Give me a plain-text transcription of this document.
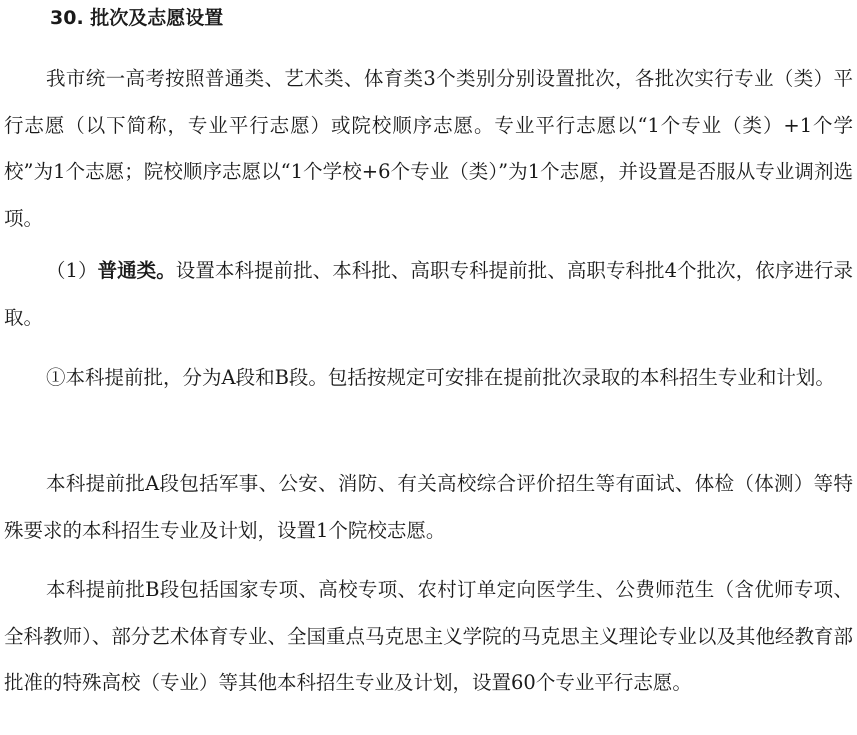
30. 批次及志愿设置

我市统一高考按照普通类、艺术类、体育类3个类别分别设置批次，各批次实行专业（类）平行志愿（以下简称，专业平行志愿）或院校顺序志愿。专业平行志愿以“1个专业（类）+1个学校”为1个志愿；院校顺序志愿以“1个学校+6个专业（类）”为1个志愿，并设置是否服从专业调剂选项。

（1）普通类。设置本科提前批、本科批、高职专科提前批、高职专科批4个批次，依序进行录取。

①本科提前批，分为A段和B段。包括按规定可安排在提前批次录取的本科招生专业和计划。

本科提前批A段包括军事、公安、消防、有关高校综合评价招生等有面试、体检（体测）等特殊要求的本科招生专业及计划，设置1个院校志愿。

本科提前批B段包括国家专项、高校专项、农村订单定向医学生、公费师范生（含优师专项、全科教师）、部分艺术体育专业、全国重点马克思主义学院的马克思主义理论专业以及其他经教育部批准的特殊高校（专业）等其他本科招生专业及计划，设置60个专业平行志愿。
